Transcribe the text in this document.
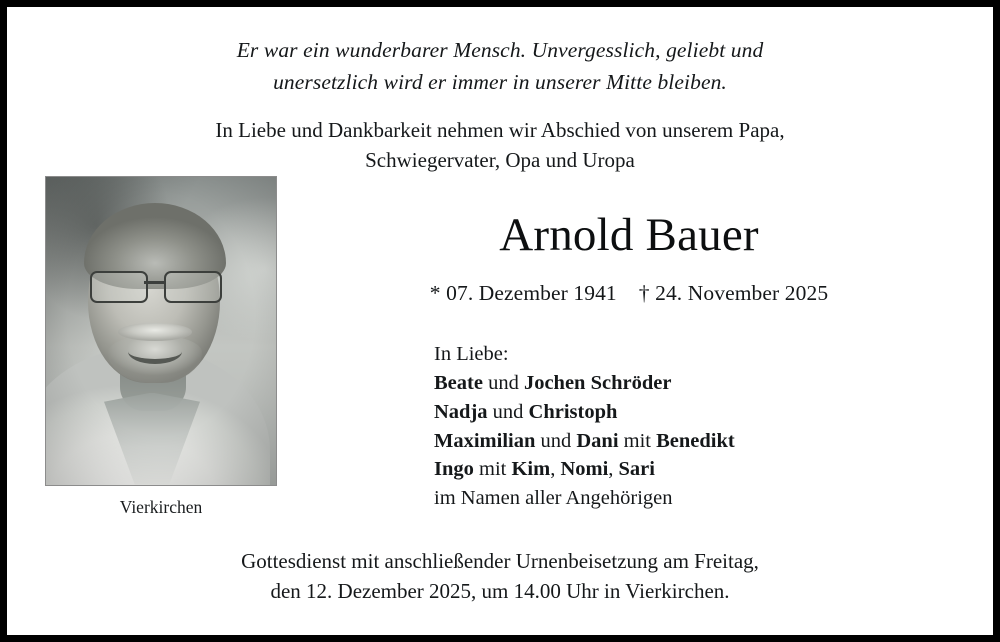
Er war ein wunderbarer Mensch. Unvergesslich, geliebt und
unersetzlich wird er immer in unserer Mitte bleiben.
In Liebe und Dankbarkeit nehmen wir Abschied von unserem Papa,
Schwiegervater, Opa und Uropa
Vierkirchen
Arnold Bauer
* 07. Dezember 1941 † 24. November 2025
In Liebe:
Beate und Jochen Schröder
Nadja und Christoph
Maximilian und Dani mit Benedikt
Ingo mit Kim, Nomi, Sari
im Namen aller Angehörigen
Gottesdienst mit anschließender Urnenbeisetzung am Freitag,
den 12. Dezember 2025, um 14.00 Uhr in Vierkirchen.
